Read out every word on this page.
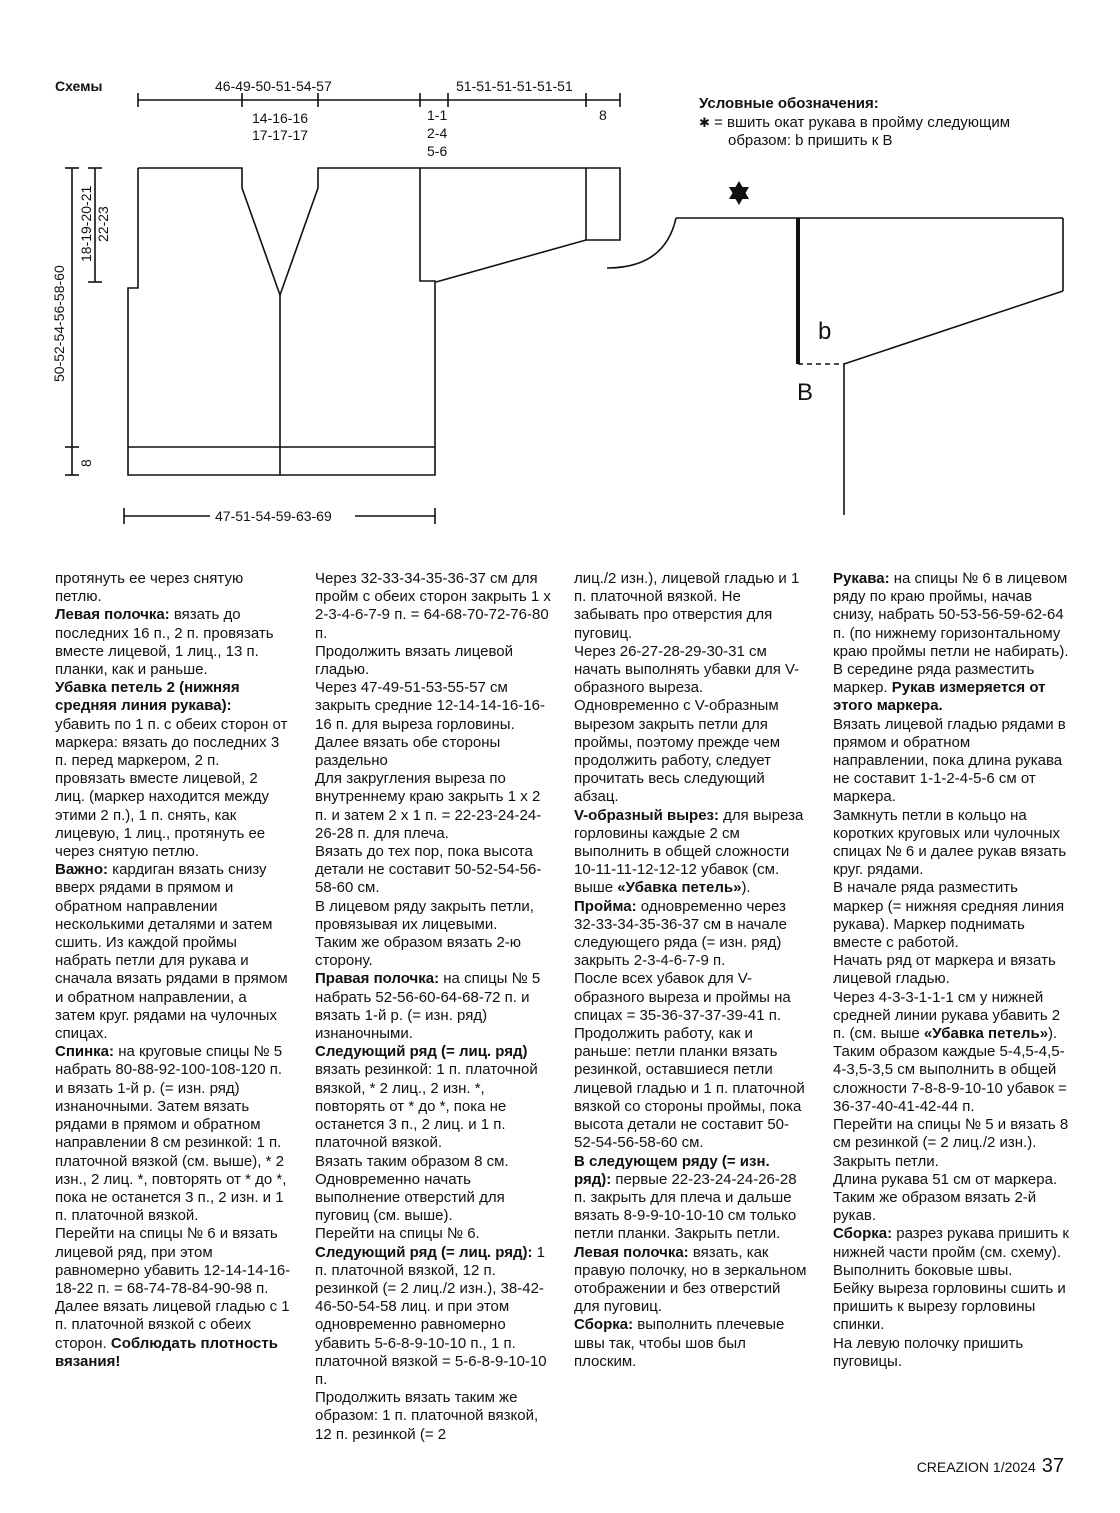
Схемы	46-49-50-51-54-57
14-16-16
17-17-17
51-51-51-51-51-51
8
1-1
2-4
5-6
50-52-54-56-58-60
18-19-20-21 22-23
8
47-51-54-59-63-69
b
B
Условные обозначения:
✱ = вшить окат рукава в пройму следующим
образом: b пришить к B

протянуть ее через снятую петлю.

Левая полочка: вязать до последних 16 п., 2 п. провязать вместе лицевой, 1 лиц., 13 п. планки, как и раньше.

Убавка петель 2 (нижняя средняя линия рукава): убавить по 1 п. с обеих сторон от маркера: вязать до последних 3 п. перед маркером, 2 п. провязать вместе лицевой, 2 лиц. (маркер находится между этими 2 п.), 1 п. снять, как лицевую, 1 лиц., протянуть ее через снятую петлю.

Важно: кардиган вязать снизу вверх рядами в прямом и обратном направлении несколькими деталями и затем сшить. Из каждой проймы набрать петли для рукава и сначала вязать рядами в прямом и обратном направлении, а затем круг. рядами на чулочных спицах.

Спинка: на круговые спицы № 5 набрать 80-88-92-100-108-120 п. и вязать 1-й р. (= изн. ряд) изнаночными. Затем вязать рядами в прямом и обратном направлении 8 см резинкой: 1 п. платочной вязкой (см. выше), * 2 изн., 2 лиц. *, повторять от * до *, пока не останется 3 п., 2 изн. и 1 п. платочной вязкой.

Перейти на спицы № 6 и вязать лицевой ряд, при этом равномерно убавить 12-14-14-16-18-22 п. = 68-74-78-84-90-98 п.

Далее вязать лицевой гладью с 1 п. платочной вязкой с обеих сторон. Соблюдать плотность вязания!

Через 32-33-34-35-36-37 см для пройм с обеих сторон закрыть 1 х 2-3-4-6-7-9 п. = 64-68-70-72-76-80 п.

Продолжить вязать лицевой гладью.

Через 47-49-51-53-55-57 см закрыть средние 12-14-14-16-16-16 п. для выреза горловины.

Далее вязать обе стороны раздельно

Для закругления выреза по внутреннему краю закрыть 1 х 2 п. и затем 2 х 1 п. = 22-23-24-24-26-28 п. для плеча.

Вязать до тех пор, пока высота детали не составит 50-52-54-56-58-60 см.

В лицевом ряду закрыть петли, провязывая их лицевыми.

Таким же образом вязать 2-ю сторону.

Правая полочка: на спицы № 5 набрать 52-56-60-64-68-72 п. и вязать 1-й р. (= изн. ряд) изнаночными.

Следующий ряд (= лиц. ряд) вязать резинкой: 1 п. платочной вязкой, * 2 лиц., 2 изн. *, повторять от * до *, пока не останется 3 п., 2 лиц. и 1 п. платочной вязкой.

Вязать таким образом 8 см. Одновременно начать выполнение отверстий для пуговиц (см. выше).

Перейти на спицы № 6.

Следующий ряд (= лиц. ряд): 1 п. платочной вязкой, 12 п. резинкой (= 2 лиц./2 изн.), 38-42-46-50-54-58 лиц. и при этом одновременно равномерно убавить 5-6-8-9-10-10 п., 1 п. платочной вязкой = 5-6-8-9-10-10 п.

Продолжить вязать таким же образом: 1 п. платочной вязкой, 12 п. резинкой (= 2

лиц./2 изн.), лицевой гладью и 1 п. платочной вязкой. Не забывать про отверстия для пуговиц.

Через 26-27-28-29-30-31 см начать выполнять убавки для V-образного выреза.

Одновременно с V-образным вырезом закрыть петли для проймы, поэтому прежде чем продолжить работу, следует прочитать весь следующий абзац.

V-образный вырез: для выреза горловины каждые 2 см выполнить в общей сложности 10-11-11-12-12-12 убавок (см. выше «Убавка петель»).

Пройма: одновременно через 32-33-34-35-36-37 см в начале следующего ряда (= изн. ряд) закрыть 2-3-4-6-7-9 п.

После всех убавок для V-образного выреза и проймы на спицах = 35-36-37-37-39-41 п.

Продолжить работу, как и раньше: петли планки вязать резинкой, оставшиеся петли лицевой гладью и 1 п. платочной вязкой со стороны проймы, пока высота детали не составит 50-52-54-56-58-60 см.

В следующем ряду (= изн. ряд): первые 22-23-24-24-26-28 п. закрыть для плеча и дальше вязать 8-9-9-10-10-10 см только петли планки. Закрыть петли.

Левая полочка: вязать, как правую полочку, но в зеркальном отображении и без отверстий для пуговиц.

Сборка: выполнить плечевые швы так, чтобы шов был плоским.

Рукава: на спицы № 6 в лицевом ряду по краю проймы, начав снизу, набрать 50-53-56-59-62-64 п. (по нижнему горизонтальному краю проймы петли не набирать).

В середине ряда разместить маркер. Рукав измеряется от этого маркера.

Вязать лицевой гладью рядами в прямом и обратном направлении, пока длина рукава не составит 1-1-2-4-5-6 см от маркера.

Замкнуть петли в кольцо на коротких круговых или чулочных спицах № 6 и далее рукав вязать круг. рядами.

В начале ряда разместить маркер (= нижняя средняя линия рукава). Маркер поднимать вместе с работой.

Начать ряд от маркера и вязать лицевой гладью.

Через 4-3-3-1-1-1 см у нижней средней линии рукава убавить 2 п. (см. выше «Убавка петель»). Таким образом каждые 5-4,5-4,5-4-3,5-3,5 см выполнить в общей сложности 7-8-8-9-10-10 убавок = 36-37-40-41-42-44 п.

Перейти на спицы № 5 и вязать 8 см резинкой (= 2 лиц./2 изн.). Закрыть петли.

Длина рукава 51 см от маркера.

Таким же образом вязать 2-й рукав.

Сборка: разрез рукава пришить к нижней части пройм (см. схему). Выполнить боковые швы.

Бейку выреза горловины сшить и пришить к вырезу горловины спинки.

На левую полочку пришить пуговицы.

CREAZION 1/2024 37
